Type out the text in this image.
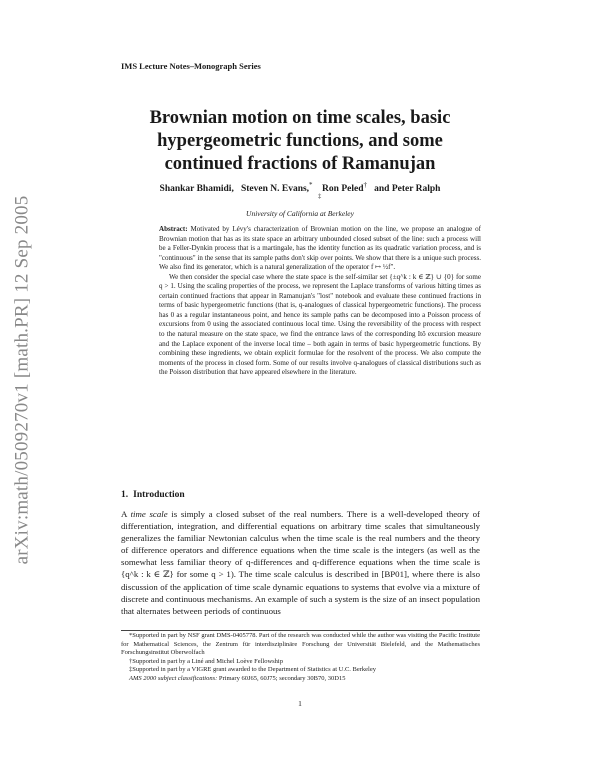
arXiv:math/0509270v1 [math.PR] 12 Sep 2005
IMS Lecture Notes–Monograph Series
Brownian motion on time scales, basic
hypergeometric functions, and some
continued fractions of Ramanujan
Shankar Bhamidi, Steven N. Evans,* Ron Peled† and Peter Ralph
‡
University of California at Berkeley

Abstract: Motivated by Lévy's characterization of Brownian motion on the line, we propose an analogue of Brownian motion that has as its state space an arbitrary unbounded closed subset of the line: such a process will be a Feller-Dynkin process that is a martingale, has the identity function as its quadratic variation process, and is "continuous" in the sense that its sample paths don't skip over points. We show that there is a unique such process. We also find its generator, which is a natural generalization of the operator f ↦ ½f″.

We then consider the special case where the state space is the self-similar set {±q^k : k ∈ ℤ} ∪ {0} for some q > 1. Using the scaling properties of the process, we represent the Laplace transforms of various hitting times as certain continued fractions that appear in Ramanujan's "lost" notebook and evaluate these continued fractions in terms of basic hypergeometric functions (that is, q-analogues of classical hypergeometric functions). The process has 0 as a regular instantaneous point, and hence its sample paths can be decomposed into a Poisson process of excursions from 0 using the associated continuous local time. Using the reversibility of the process with respect to the natural measure on the state space, we find the entrance laws of the corresponding Itô excursion measure and the Laplace exponent of the inverse local time – both again in terms of basic hypergeometric functions. By combining these ingredients, we obtain explicit formulae for the resolvent of the process. We also compute the moments of the process in closed form. Some of our results involve q-analogues of classical distributions such as the Poisson distribution that have appeared elsewhere in the literature.

1. Introduction

A time scale is simply a closed subset of the real numbers. There is a well-developed theory of differentiation, integration, and differential equations on arbitrary time scales that simultaneously generalizes the familiar Newtonian calculus when the time scale is the real numbers and the theory of difference operators and difference equations when the time scale is the integers (as well as the somewhat less familiar theory of q-differences and q-difference equations when the time scale is {q^k : k ∈ ℤ} for some q > 1). The time scale calculus is described in [BP01], where there is also discussion of the application of time scale dynamic equations to systems that evolve via a mixture of discrete and continuous mechanisms. An example of such a system is the size of an insect population that alternates between periods of continuous

*Supported in part by NSF grant DMS-0405778. Part of the research was conducted while the author was visiting the Pacific Institute for Mathematical Sciences, the Zentrum für interdisziplinäre Forschung der Universität Bielefeld, and the Mathematisches Forschungsinstitut Oberwolfach

†Supported in part by a Liné and Michel Loève Fellowship

‡Supported in part by a VIGRE grant awarded to the Department of Statistics at U.C. Berkeley

AMS 2000 subject classifications: Primary 60J65, 60J75; secondary 30B70, 30D15

1
